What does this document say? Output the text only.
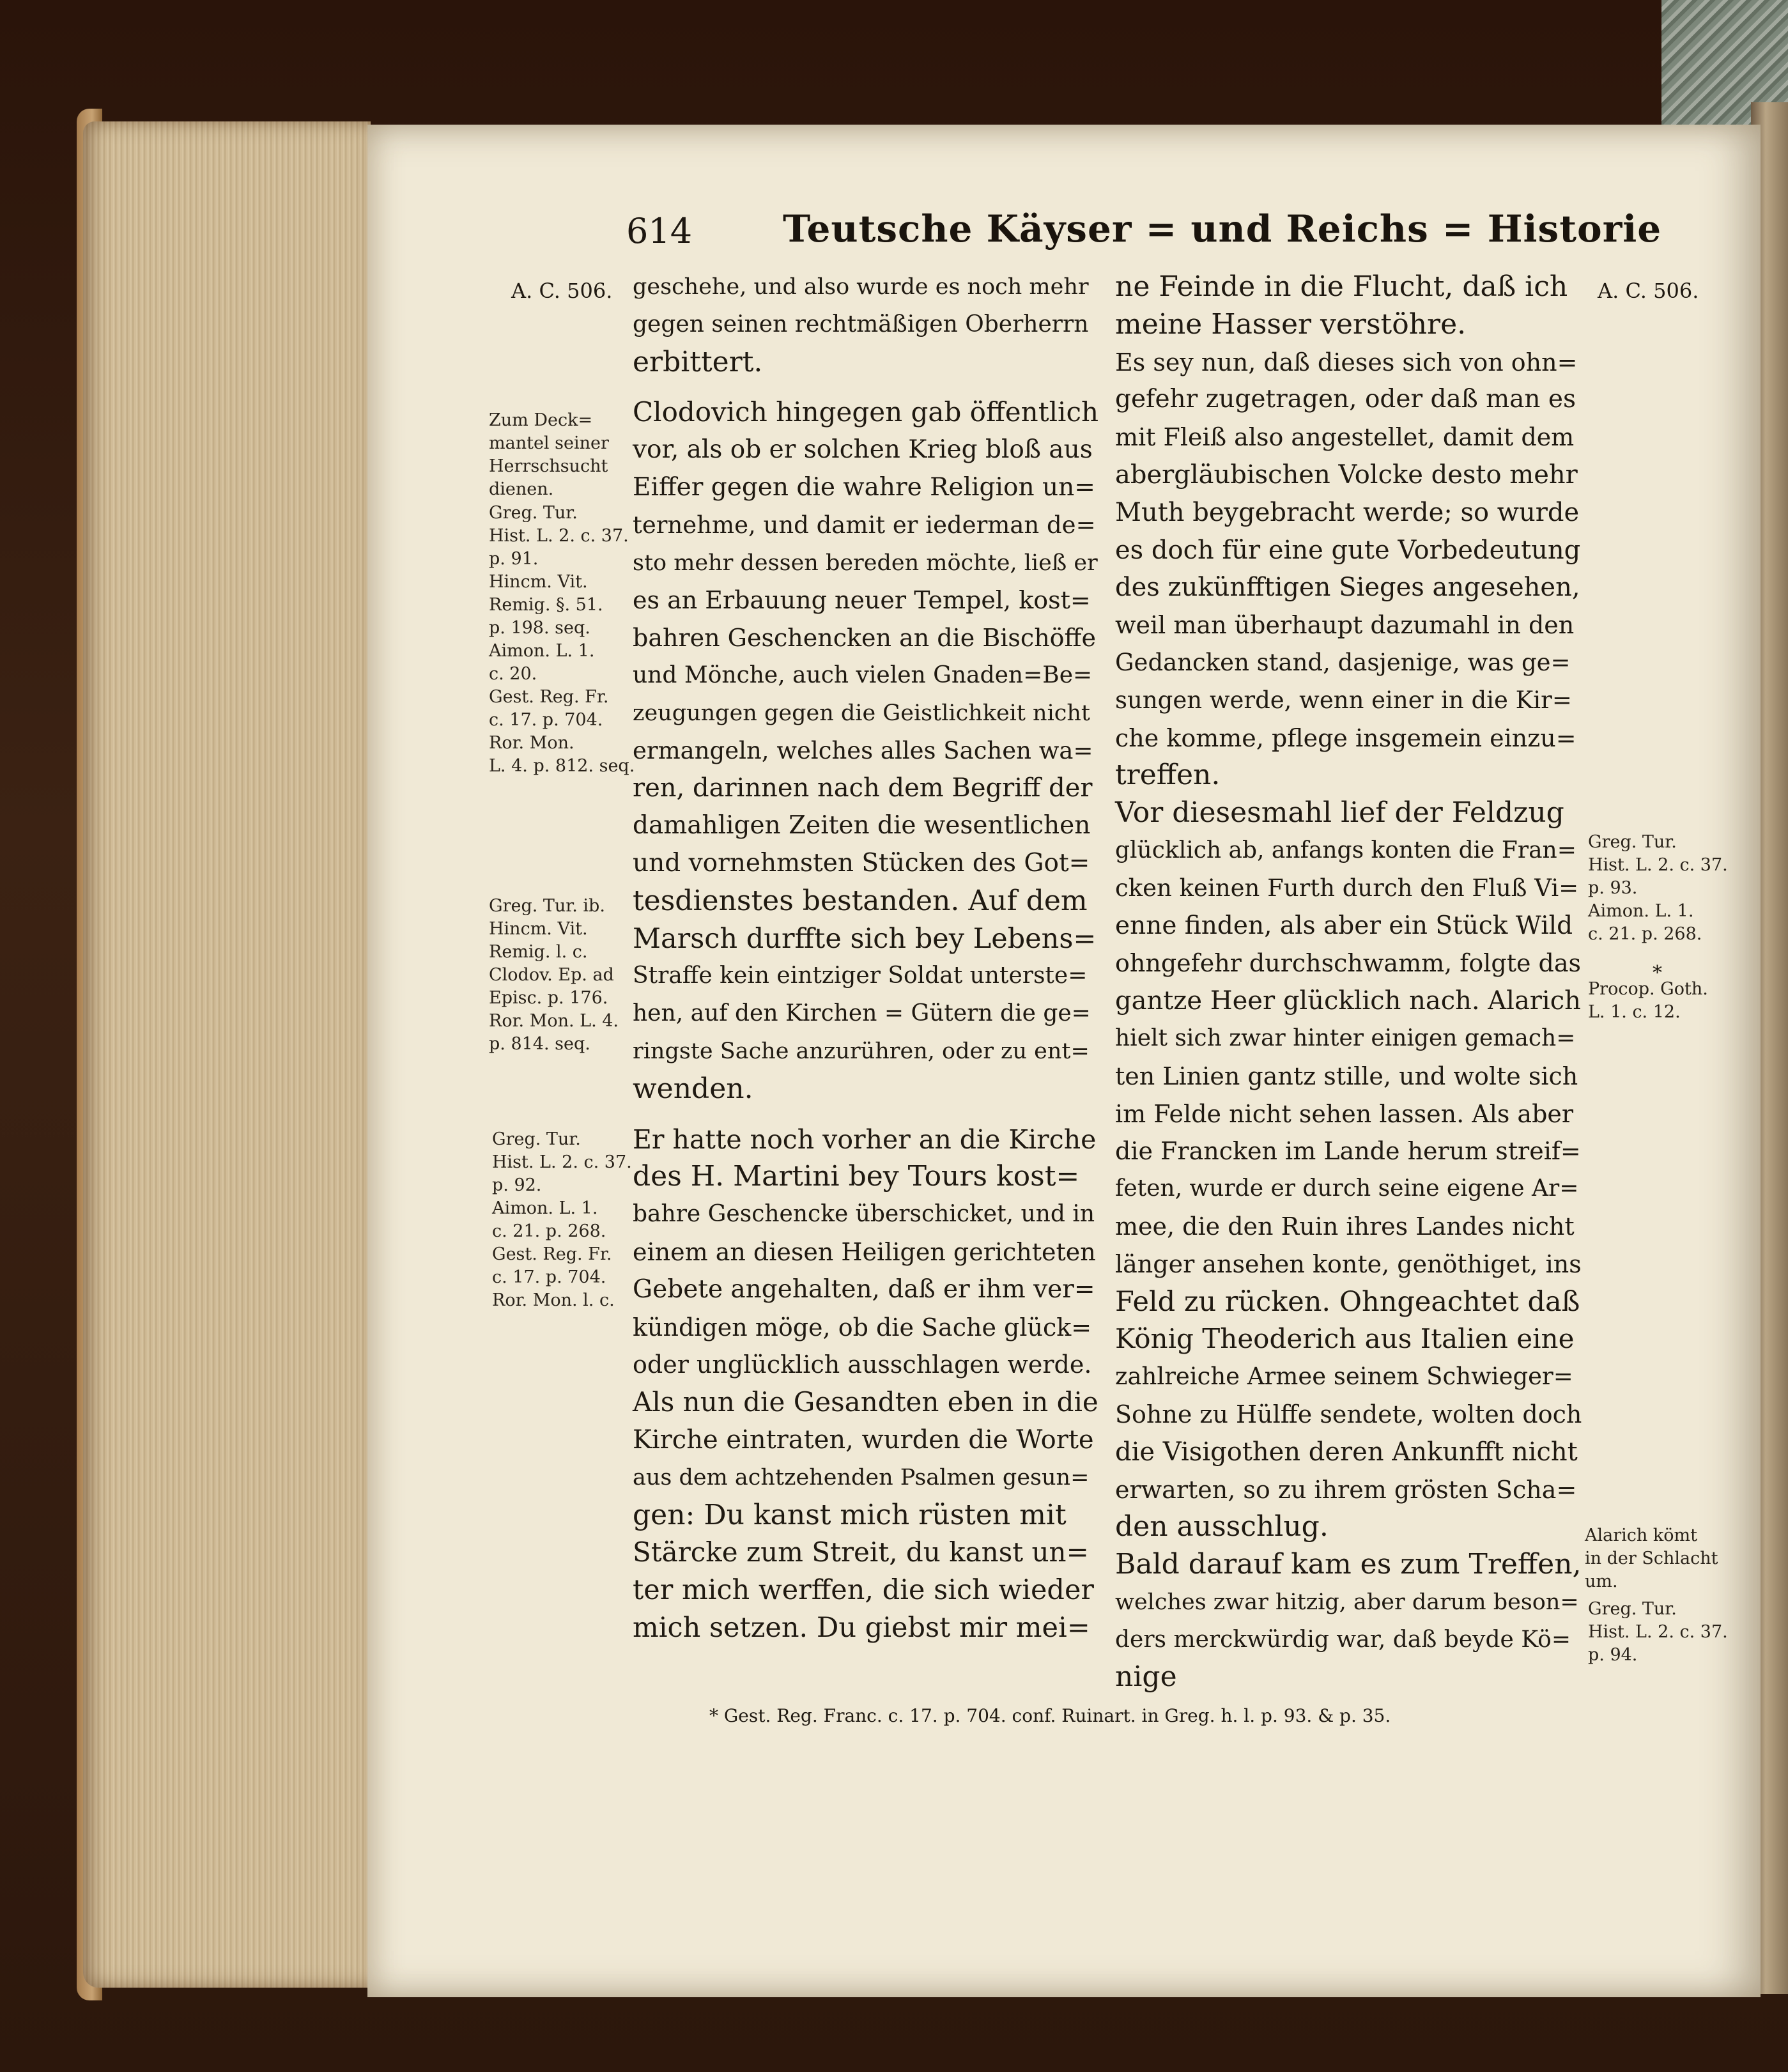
614 Teutsche Käyser = und Reichs = Historie
A. C. 506.	A. C. 506.
Zum Deck=
mantel seiner
Herrschsucht
dienen.
Greg. Tur.
Hist. L. 2. c. 37.
p. 91.
Hincm. Vit.
Remig. §. 51.
p. 198. seq.
Aimon. L. 1.
c. 20.
Gest. Reg. Fr.
c. 17. p. 704.
Ror. Mon.
L. 4. p. 812. seq.
Greg. Tur. ib.
Hincm. Vit.
Remig. l. c.
Clodov. Ep. ad
Episc. p. 176.
Ror. Mon. L. 4.
p. 814. seq.
Greg. Tur.
Hist. L. 2. c. 37.
p. 92.
Aimon. L. 1.
c. 21. p. 268.
Gest. Reg. Fr.
c. 17. p. 704.
Ror. Mon. l. c.
Greg. Tur.
Hist. L. 2. c. 37.
p. 93.
Aimon. L. 1.
c. 21. p. 268.
*
Procop. Goth.
L. 1. c. 12.
Alarich kömt
in der Schlacht
um.
Greg. Tur.
Hist. L. 2. c. 37.
p. 94.
geschehe, und also wurde es noch mehr
gegen seinen rechtmäßigen Oberherrn
erbittert.
Clodovich hingegen gab öffentlich
vor, als ob er solchen Krieg bloß aus
Eiffer gegen die wahre Religion un=
ternehme, und damit er iederman de=
sto mehr dessen bereden möchte, ließ er
es an Erbauung neuer Tempel, kost=
bahren Geschencken an die Bischöffe
und Mönche, auch vielen Gnaden=Be=
zeugungen gegen die Geistlichkeit nicht
ermangeln, welches alles Sachen wa=
ren, darinnen nach dem Begriff der
damahligen Zeiten die wesentlichen
und vornehmsten Stücken des Got=
tesdienstes bestanden. Auf dem
Marsch durffte sich bey Lebens=
Straffe kein eintziger Soldat unterste=
hen, auf den Kirchen = Gütern die ge=
ringste Sache anzurühren, oder zu ent=
wenden.
Er hatte noch vorher an die Kirche
des H. Martini bey Tours kost=
bahre Geschencke überschicket, und in
einem an diesen Heiligen gerichteten
Gebete angehalten, daß er ihm ver=
kündigen möge, ob die Sache glück=
oder unglücklich ausschlagen werde.
Als nun die Gesandten eben in die
Kirche eintraten, wurden die Worte
aus dem achtzehenden Psalmen gesun=
gen: Du kanst mich rüsten mit
Stärcke zum Streit, du kanst un=
ter mich werffen, die sich wieder
mich setzen. Du giebst mir mei=
ne Feinde in die Flucht, daß ich
meine Hasser verstöhre.
Es sey nun, daß dieses sich von ohn=
gefehr zugetragen, oder daß man es
mit Fleiß also angestellet, damit dem
abergläubischen Volcke desto mehr
Muth beygebracht werde; so wurde
es doch für eine gute Vorbedeutung
des zukünfftigen Sieges angesehen,
weil man überhaupt dazumahl in den
Gedancken stand, dasjenige, was ge=
sungen werde, wenn einer in die Kir=
che komme, pflege insgemein einzu=
treffen.
Vor diesesmahl lief der Feldzug
glücklich ab, anfangs konten die Fran=
cken keinen Furth durch den Fluß Vi=
enne finden, als aber ein Stück Wild
ohngefehr durchschwamm, folgte das
gantze Heer glücklich nach. Alarich
hielt sich zwar hinter einigen gemach=
ten Linien gantz stille, und wolte sich
im Felde nicht sehen lassen. Als aber
die Francken im Lande herum streif=
feten, wurde er durch seine eigene Ar=
mee, die den Ruin ihres Landes nicht
länger ansehen konte, genöthiget, ins
Feld zu rücken. Ohngeachtet daß
König Theoderich aus Italien eine
zahlreiche Armee seinem Schwieger=
Sohne zu Hülffe sendete, wolten doch
die Visigothen deren Ankunfft nicht
erwarten, so zu ihrem grösten Scha=
den ausschlug.
Bald darauf kam es zum Treffen,
welches zwar hitzig, aber darum beson=
ders merckwürdig war, daß beyde Kö=
nige
* Gest. Reg. Franc. c. 17. p. 704. conf. Ruinart. in Greg. h. l. p. 93. & p. 35.
